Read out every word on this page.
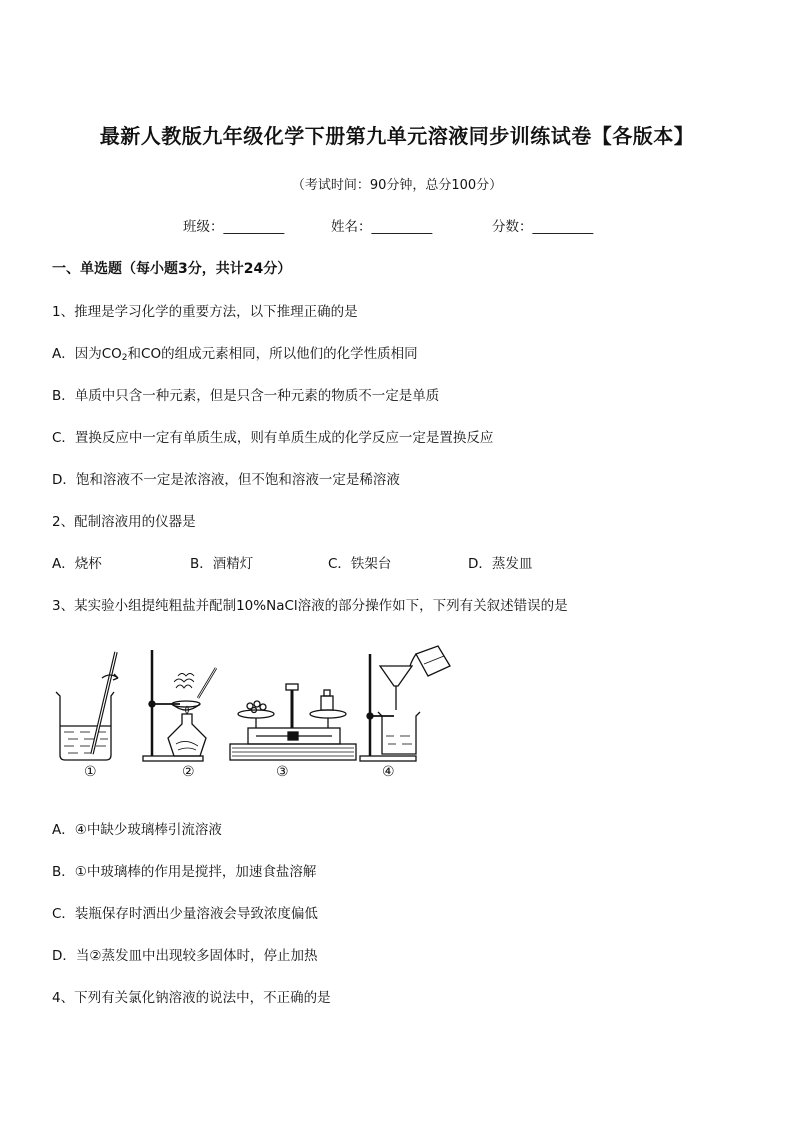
最新人教版九年级化学下册第九单元溶液同步训练试卷【各版本】
（考试时间：90分钟，总分100分）
班级：_________	姓名：_________	分数：_________
一、单选题（每小题3分，共计24分）
1、推理是学习化学的重要方法，以下推理正确的是
A．因为$CO_2$和CO的组成元素相同，所以他们的化学性质相同
B．单质中只含一种元素，但是只含一种元素的物质不一定是单质
C．置换反应中一定有单质生成，则有单质生成的化学反应一定是置换反应
D．饱和溶液不一定是浓溶液，但不饱和溶液一定是稀溶液
2、配制溶液用的仪器是
A．烧杯	B．酒精灯	C．铁架台	D．蒸发皿
3、某实验小组提纯粗盐并配制10%NaCl溶液的部分操作如下，下列有关叙述错误的是
①	②	③	④
A．④中缺少玻璃棒引流溶液
B．①中玻璃棒的作用是搅拌，加速食盐溶解
C．装瓶保存时洒出少量溶液会导致浓度偏低
D．当②蒸发皿中出现较多固体时，停止加热
4、下列有关氯化钠溶液的说法中，不正确的是
